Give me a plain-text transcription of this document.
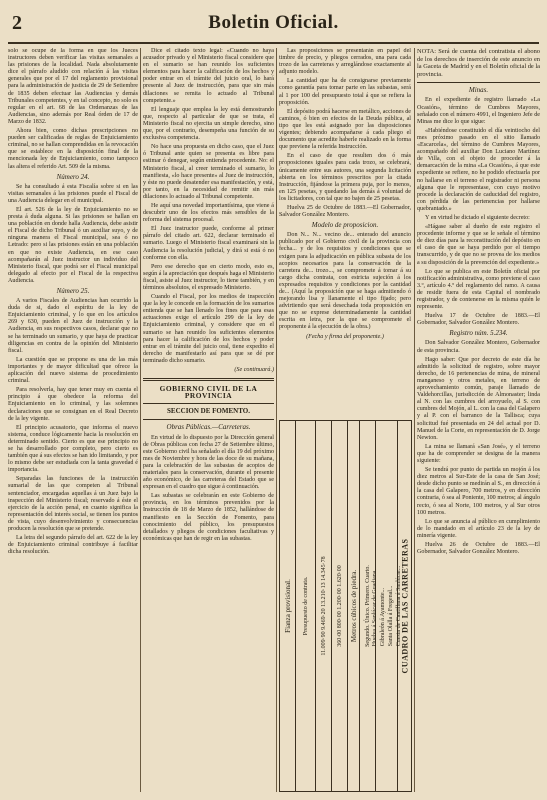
2	Boletin Oficial.

solo se ocupe de la forma en que los Jueces instructores deben verificar las visitas semanales a las prisiones de la localidad. Nada absolutamente dice el párrafo aludido con relación á las visitas generales que por el 17 del reglamento provisional para la administración de justicia de 29 de Setiembre de 1835 deben efectuar las Audiencias y demás Tribunales competentes, y en tal concepto, no solo es regular en el art. 68 de las Ordenanzas de las Audiencias, sino además por Real órden de 17 de Marzo de 1832.

Ahora bien, como dichas prescripciones no pueden ser calificadas de reglas de Enjuiciamiento criminal, no se hallan comprendidas en la revocación que se establece en la disposición final de la mencionada ley de Enjuiciamiento, como tampoco las altera el referido Art. 509 de la misma.

Número 24.

Se ha consultado á esta Fiscalía sobre si en las visitas semanales á las prisiones puede el Fiscal de una Audiencia delegar en el municipal.

El art. 526 de la ley de Enjuiciamiento no se presta á duda alguna. Si las prisiones se hallan en una población en donde halla Audiencia, debe asistir el Fiscal de dicho Tribunal ó un auxiliar suyo, y de ninguna manera el Fiscal municipal, sea ó no Letrado: pero si las prisiones están en una población en que no existe Audiencia, en ese caso acompañarán al Juez instructor un individuo del Ministerio fiscal, que podrá ser el Fiscal municipal delegado al efecto por el Fiscal de la respectiva Audiencia.

Número 25.

A varios Fiscales de Audiencias han ocurrido la duda de si, dado el espíritu de la ley de Enjuiciamiento criminal, y lo que en los artículos 269 y 630, pueden el Juez de instrucción y la Audiencia, en sus respectivos casos, declarar que no se ha terminado un sumario, y que haya de practicar diligencias en contra de la opinión del Ministerio fiscal.

La cuestión que se propone es una de las más importantes y de mayor dificultad que ofrece la aplicación del nuevo sistema de procedimiento criminal.

Para resolverla, hay que tener muy en cuenta el principio á que obedece la reforma del Enjuiciamiento en lo criminal, y las solemnes declaraciones que se consignan en el Real Decreto de la ley vigente.

El principio acusatorio, que informa el nuevo sistema, conduce lógicamente hacia la resolución en determinado sentido. Cierto es que ese principio no se ha desarrollado por completo, pero cierto es también que á sus efectos se han ido limitando, y por lo mismo debe ser estudiada con la tanta gravedad é importancia.

Separadas las funciones de la instrucción sumarial de las que competen al Tribunal sentenciador, encargadas aquellas á un Juez bajo la inspección del Ministerio fiscal; reservado á éste el ejercicio de la acción penal, en cuanto significa la representación del interés social, se tienen los puntos de vista, cuyo desenvolvimiento y consecuencias producen la resolución que se pretende.

La letra del segundo párrafo del art. 622 de la ley de Enjuiciamiento criminal contribuye á facilitar dicha resolución.

Dice el citado texto legal: «Cuando no haya acusador privado y el Ministerio fiscal considere que en el sumario se han reunido los suficientes elementos para hacer la calificación de los hechos y poder entrar en el trámite del juicio oral, lo hará presente al Juez de instrucción, para que sin más dilaciones se remita lo actuado al Tribunal competente.»

El lenguaje que emplea la ley está demostrando que, respecto al particular de que se trata, el Ministerio fiscal no ejercita un simple derecho, sino que, por el contrario, desempeña una función de su exclusiva competencia.

No hace una propuesta en dicho caso, que el Juez ó Tribunal ante quien se presenta es libre para estimar ó denegar, según entienda procedente. No: el Ministerio fiscal, al creer terminado el sumario, lo manifiesta, «lo hace presente» al Juez de instrucción, y éste no puede desatender esa manifestación, y está, por tanto, en la necesidad de remitir sin más dilaciones lo actuado al Tribunal competente.

He aquí una novedad importantísima, que viene á descubrir uno de los efectos más sensibles de la reforma del sistema procesal.

El Juez instructor puede, conforme al primer párrafo del citado art. 622, declarar terminado el sumario. Luego el Ministerio fiscal examinará sin la Audiencia la resolución judicial, y dirá si está ó no conforme con ella.

Pero ese derecho que en cierto modo, esto es, según á la apreciación que después haga el Ministerio fiscal, asiste al Juez instructor, lo tiene también, y en términos absolutos, el expresado Ministerio.

Cuando el Fiscal, por los medios de inspección que la ley le concede en la formación de los sumarios entienda que se han llenado los fines que para esas actuaciones exige el artículo 299 de la ley de Enjuiciamiento criminal, y considere que en el sumario se han reunido los suficientes elementos para hacer la calificación de los hechos y poder entrar en el trámite del juicio oral, tiene expedito el derecho de manifestarlo así para que se dé por terminado dicho sumario.

(Se continuará.)
GOBIERNO CIVIL DE LA PROVINCIA
SECCION DE FOMENTO.
Obras Públicas.—Carreteras.

En virtud de lo dispuesto por la Dirección general de Obras públicas con fecha 27 de Setiembre último, este Gobierno civil ha señalado el día 19 del próximo mes de Noviembre y hora de las doce de su mañana, para la celebración de las subastas de acopios de materiales para la conservación, durante el presente año económico, de las carreteras del Estado que se expresan en el cuadro que sigue á continuación.

Las subastas se celebrarán en este Gobierno de provincia, en los términos prevenidos por la Instrucción de 18 de Marzo de 1852, hallándose de manifiesto en la Sección de Fomento, para conocimiento del público, los presupuestos detallados y pliegos de condiciones facultativas y económicas que han de regir en las subastas.

Las proposiciones se presentarán en papel del timbre de precio, y pliegos cerrados, una para cada trozo de las carreteras y arreglándose exactamente al adjunto modelo.

La cantidad que ha de consignarse previamente como garantía para tomar parte en las subastas, será al 1 por 100 del presupuesto total á que se refiera la proposición.

El depósito podrá hacerse en metálico, acciones de caminos, ó bien en efectos de la Deuda pública, al tipo que les está asignado por las disposiciones vigentes; debiendo acompañarse á cada pliego el documento que acredite haberle realizado en la forma que previene la referida Instrucción.

En el caso de que resulten dos ó más proposiciones iguales para cada trozo, se celebrará, únicamente entre sus autores, una segunda licitación abierta en los términos prescritos por la citada Instrucción, fijándose la primera puja, por lo menos, en 125 pesetas, y quedando las demás á voluntad de los licitadores, con tal que no bajen de 25 pesetas.

Huelva 25 de Octubre de 1883.—El Gobernador, Salvador González Montero.

Modelo de proposicion.

Don N... N... vecino de... enterado del anuncio publicado por el Gobierno civil de la provincia con fecha... y de los requisitos y condiciones que se exigen para la adjudicación en pública subasta de los acopios necesarios para la conservación de la carretera de... trozo..., se compromete á tomar á su cargo dicha contrata, con estricta sujeción á los expresados requisitos y condiciones por la cantidad de... (Aquí la proposición que se haga admitiendo ó mejorando lisa y llanamente el tipo fijado; pero advirtiendo que será desechada toda proposición en que no se exprese determinadamente la cantidad escrita en letra, por la que se compromete el proponente á la ejecución de la obra.)

(Fecha y firma del proponente.)
Fianza provisional. Presupuesto de contrata.
11.009·90 9.469·20 13.210·13 14.345·78
360·00 800·00 1.200·00 1.620·00 Metros cúbicos de piedra. Segundo. Único. Primero. Cuarto. Huelva á Sanlúcar de Guadiana. Gibraleón á Ayamonte... Santa Olalla á Fregenal... Cuesta de Cantillana á Sanlúcar...
CUADRO DE LAS CARRETERAS

NOTA: Será de cuenta del contratista el abono de los derechos de inserción de este anuncio en la Gaceta de Madrid y en el Boletín oficial de la provincia.

Minas.

En el expediente de registro llamado «La Ocasión», término de Cumbres Mayores, señalado con el número 4991, el Ingeniero Jefe de Minas me dice lo que sigue:

«Habiéndose constituido el día veintiocho del mes próximo pasado en el sitio llamado «Escarcela», del término de Cumbres Mayores, acompañado del auxiliar Don Luciano Martínez de Villa, con el objeto de proceder á la demarcación de la mina «La Ocasión», á que este expediente se refiere, no he podido efectuarla por no hallarse en el terreno el registrador ni persona alguna que le representase, con cuyo motivo procede la declaración de caducidad del registro, con pérdida de las pertenencias por hallarse quebrantado.»

Y en virtud he dictado el siguiente decreto:

«Hágase saber al dueño de este registro el procedente informe y que se le señale el término de diez días para la reconstitución del depósito en el caso de que se haya perdido por el tiempo transcurrido, y de que no se provea de los medios a su disposición de la prevención del expediente.»

Lo que se publica en este Boletín oficial por notificación administrativa, como previene el caso 3.º, artículo 4.º del reglamento del ramo. A causa de residir fuera de esta Capital el nombrado registrador, y de contenerse en la misma quién le represente.

Huelva 17 de Octubre de 1883.—El Gobernador, Salvador González Montero.

Registro núm. 5.234.

Don Salvador González Montero, Gobernador de esta provincia.

Hago saber: Que por decreto de este día he admitido la solicitud de registro, sobre mayor derecho, de 16 pertenencias de mina, de mineral manganeso y otros metales, en terreno de aprovechamiento común, paraje llamado de Valdehorcillas, jurisdicción de Almonaster; linda al N. con las cumbres del arroyuelo, al S. con cumbres del Mojón, al L. con la casa del Galapero y al P. con el barranco de la Tallisca; cuya solicitud fué presentada en 24 del actual por D. Manuel de la Corte, en representación de D. Jorge Newton.

La mina se llamará «San José», y el terreno que ha de comprender se designa de la manera siguiente:

Se tendrá por punto de partida un mojón á los diez metros al Sur-Este de la casa de San José; desde dicho punto se medirán al S., en dirección á la casa del Galapero, 700 metros, y en dirección contraria, ó sea al Poniente, 100 metros; al ángulo recto, ó sea al Norte, 100 metros, y al Sur otros 100 metros.

Lo que se anuncia al público en cumplimiento de lo mandado en el artículo 23 de la ley de minería vigente.

Huelva 26 de Octubre de 1883.—El Gobernador, Salvador González Montero.
